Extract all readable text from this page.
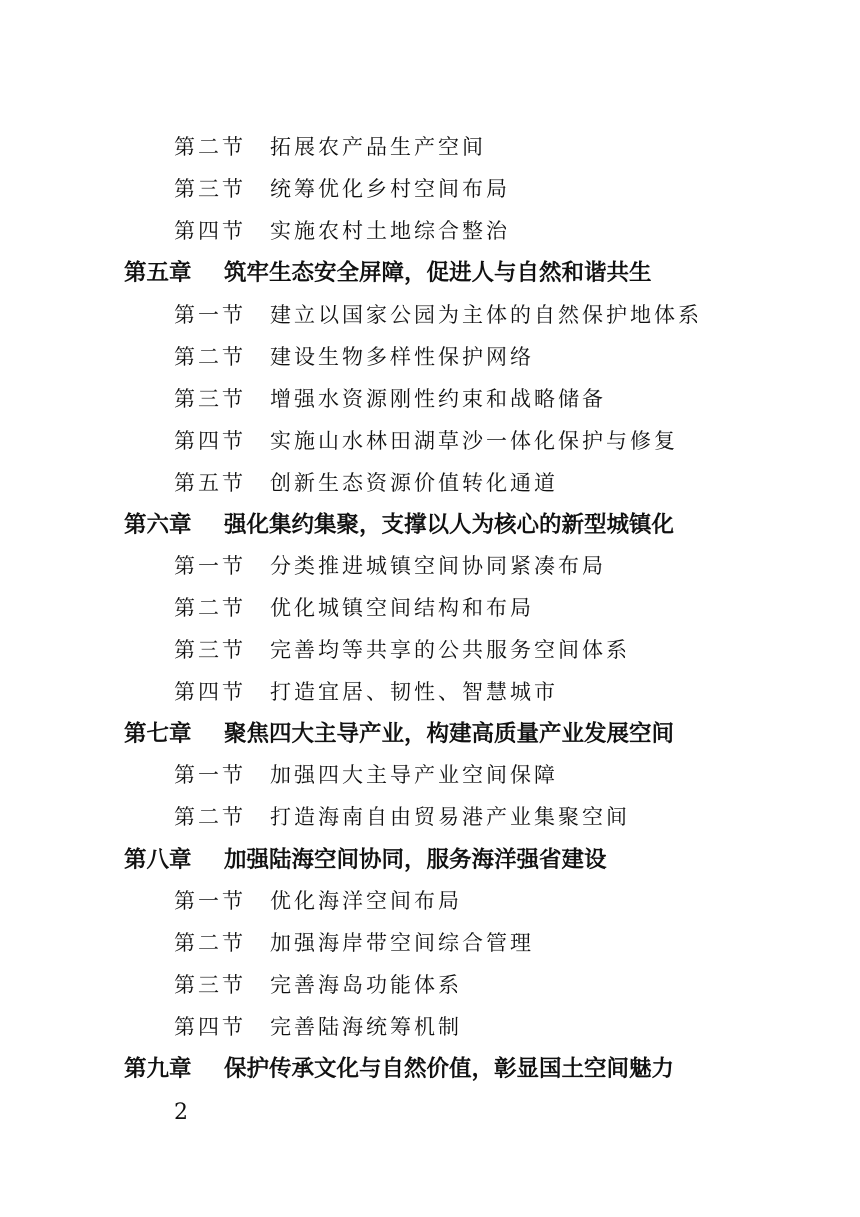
第二节 拓展农产品生产空间
第三节 统筹优化乡村空间布局
第四节 实施农村土地综合整治
第五章 筑牢生态安全屏障，促进人与自然和谐共生
第一节 建立以国家公园为主体的自然保护地体系
第二节 建设生物多样性保护网络
第三节 增强水资源刚性约束和战略储备
第四节 实施山水林田湖草沙一体化保护与修复
第五节 创新生态资源价值转化通道
第六章 强化集约集聚，支撑以人为核心的新型城镇化
第一节 分类推进城镇空间协同紧凑布局
第二节 优化城镇空间结构和布局
第三节 完善均等共享的公共服务空间体系
第四节 打造宜居、韧性、智慧城市
第七章 聚焦四大主导产业，构建高质量产业发展空间
第一节 加强四大主导产业空间保障
第二节 打造海南自由贸易港产业集聚空间
第八章 加强陆海空间协同，服务海洋强省建设
第一节 优化海洋空间布局
第二节 加强海岸带空间综合管理
第三节 完善海岛功能体系
第四节 完善陆海统筹机制
第九章 保护传承文化与自然价值，彰显国土空间魅力
2
